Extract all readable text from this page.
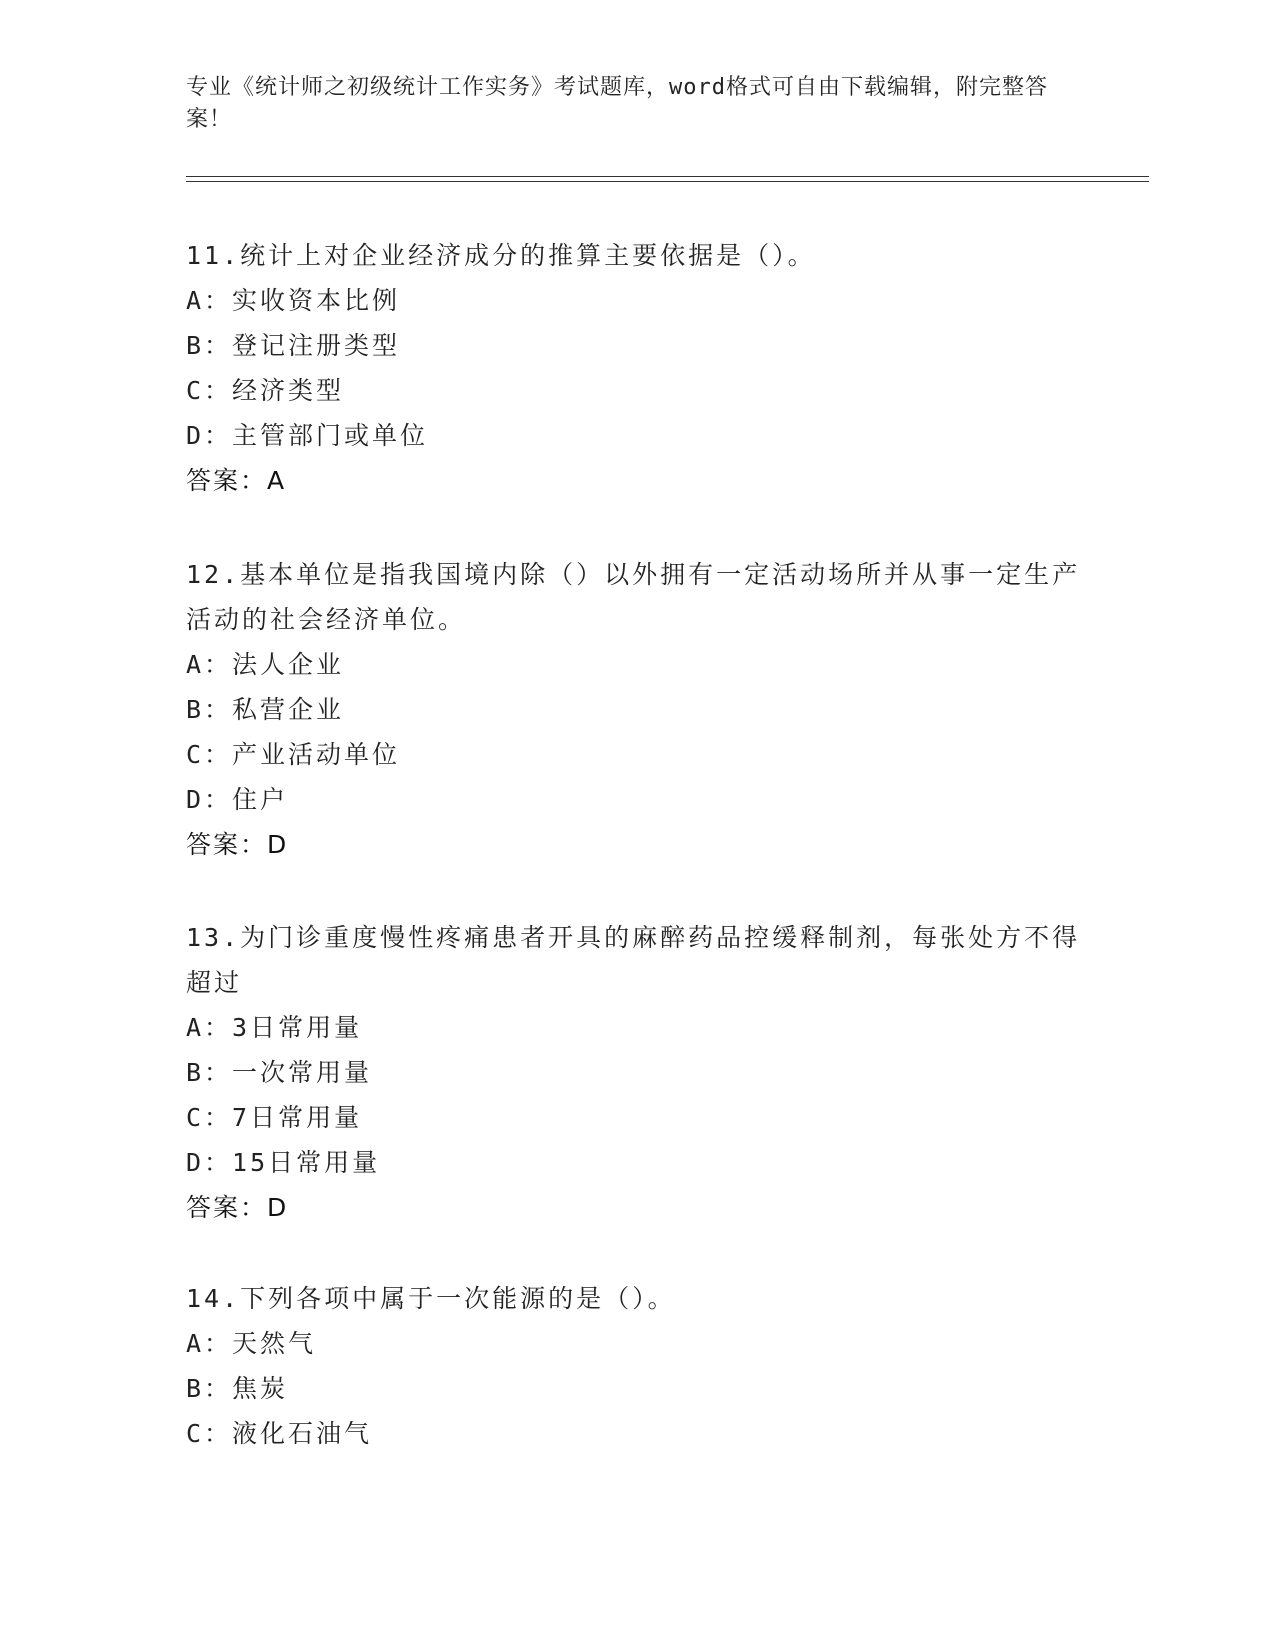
专业《统计师之初级统计工作实务》考试题库，word格式可自由下载编辑，附完整答案！
11.统计上对企业经济成分的推算主要依据是（）。
A：实收资本比例
B：登记注册类型
C：经济类型
D：主管部门或单位
答案：A
12.基本单位是指我国境内除（）以外拥有一定活动场所并从事一定生产活动的社会经济单位。
A：法人企业
B：私营企业
C：产业活动单位
D：住户
答案：D
13.为门诊重度慢性疼痛患者开具的麻醉药品控缓释制剂，每张处方不得超过
A：3日常用量
B：一次常用量
C：7日常用量
D：15日常用量
答案：D
14.下列各项中属于一次能源的是（）。
A：天然气
B：焦炭
C：液化石油气
